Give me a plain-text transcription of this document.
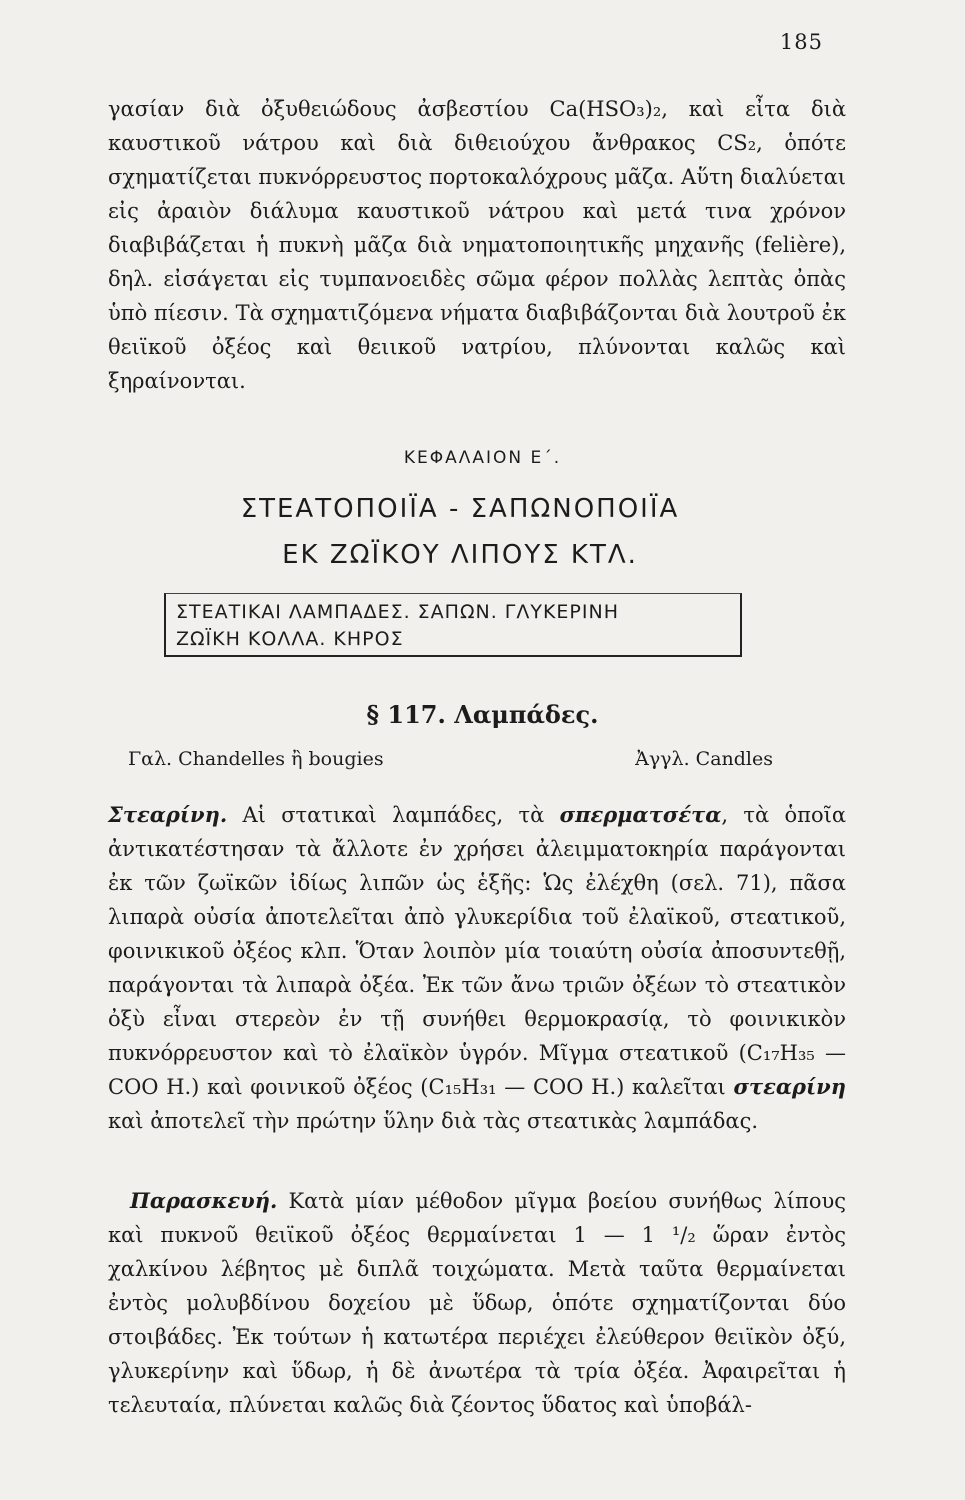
185

γασίαν διὰ ὀξυθειώδους ἀσβεστίου Ca(HSO₃)₂, καὶ εἶτα διὰ καυστικοῦ νάτρου καὶ διὰ διθειούχου ἄνθρακος CS₂, ὁπότε σχηματίζεται πυκνόρρευστος πορτοκαλόχρους μᾶζα. Αὕτη διαλύεται εἰς ἀραιὸν διάλυμα καυστικοῦ νάτρου καὶ μετά τινα χρόνον διαβιβάζεται ἡ πυκνὴ μᾶζα διὰ νηματοποιητικῆς μηχανῆς (felière), δηλ. εἰσάγεται εἰς τυμπανοειδὲς σῶμα φέρον πολλὰς λεπτὰς ὀπὰς ὑπὸ πίεσιν. Τὰ σχηματιζόμενα νήματα διαβιβάζονται διὰ λουτροῦ ἐκ θειϊκοῦ ὀξέος καὶ θειικοῦ νατρίου, πλύνονται καλῶς καὶ ξηραίνονται.

ΚΕΦΑΛΑΙΟΝ Ε΄.
ΣΤΕΑΤΟΠΟΙΪΑ - ΣΑΠΩΝΟΠΟΙΪΑ
ΕΚ ΖΩΪΚΟΥ ΛΙΠΟΥΣ ΚΤΛ.
ΣΤΕΑΤΙΚΑΙ ΛΑΜΠΑΔΕΣ. ΣΑΠΩΝ. ΓΛΥΚΕΡΙΝΗ
ΖΩΪΚΗ ΚΟΛΛΑ. ΚΗΡΟΣ
§ 117. Λαμπάδες.
Γαλ. Chandelles ἢ bougies	Ἀγγλ. Candles

Στεαρίνη. Αἱ στατικαὶ λαμπάδες, τὰ σπερματσέτα, τὰ ὁποῖα ἀντικατέστησαν τὰ ἄλλοτε ἐν χρήσει ἀλειμματοκηρία παράγονται ἐκ τῶν ζωϊκῶν ἰδίως λιπῶν ὡς ἑξῆς: Ὡς ἐλέχθη (σελ. 71), πᾶσα λιπαρὰ οὐσία ἀποτελεῖται ἀπὸ γλυκερίδια τοῦ ἐλαϊκοῦ, στεατικοῦ, φοινικικοῦ ὀξέος κλπ. Ὅταν λοιπὸν μία τοιαύτη οὐσία ἀποσυντεθῇ, παράγονται τὰ λιπαρὰ ὀξέα. Ἐκ τῶν ἄνω τριῶν ὀξέων τὸ στεατικὸν ὀξὺ εἶναι στερεὸν ἐν τῇ συνήθει θερμοκρασίᾳ, τὸ φοινικικὸν πυκνόρρευστον καὶ τὸ ἐλαϊκὸν ὑγρόν. Μῖγμα στεατικοῦ (C₁₇H₃₅ — COO H.) καὶ φοινικοῦ ὀξέος (C₁₅H₃₁ — COO H.) καλεῖται στεαρίνη καὶ ἀποτελεῖ τὴν πρώτην ὕλην διὰ τὰς στεατικὰς λαμπάδας.

Παρασκευή. Κατὰ μίαν μέθοδον μῖγμα βοείου συνήθως λίπους καὶ πυκνοῦ θειϊκοῦ ὀξέος θερμαίνεται 1 — 1 ¹/₂ ὥραν ἐντὸς χαλκίνου λέβητος μὲ διπλᾶ τοιχώματα. Μετὰ ταῦτα θερμαίνεται ἐντὸς μολυβδίνου δοχείου μὲ ὕδωρ, ὁπότε σχηματίζονται δύο στοιβάδες. Ἐκ τούτων ἡ κατωτέρα περιέχει ἐλεύθερον θειϊκὸν ὀξύ, γλυκερίνην καὶ ὕδωρ, ἡ δὲ ἀνωτέρα τὰ τρία ὀξέα. Ἀφαιρεῖται ἡ τελευταία, πλύνεται καλῶς διὰ ζέοντος ὕδατος καὶ ὑποβάλ-
